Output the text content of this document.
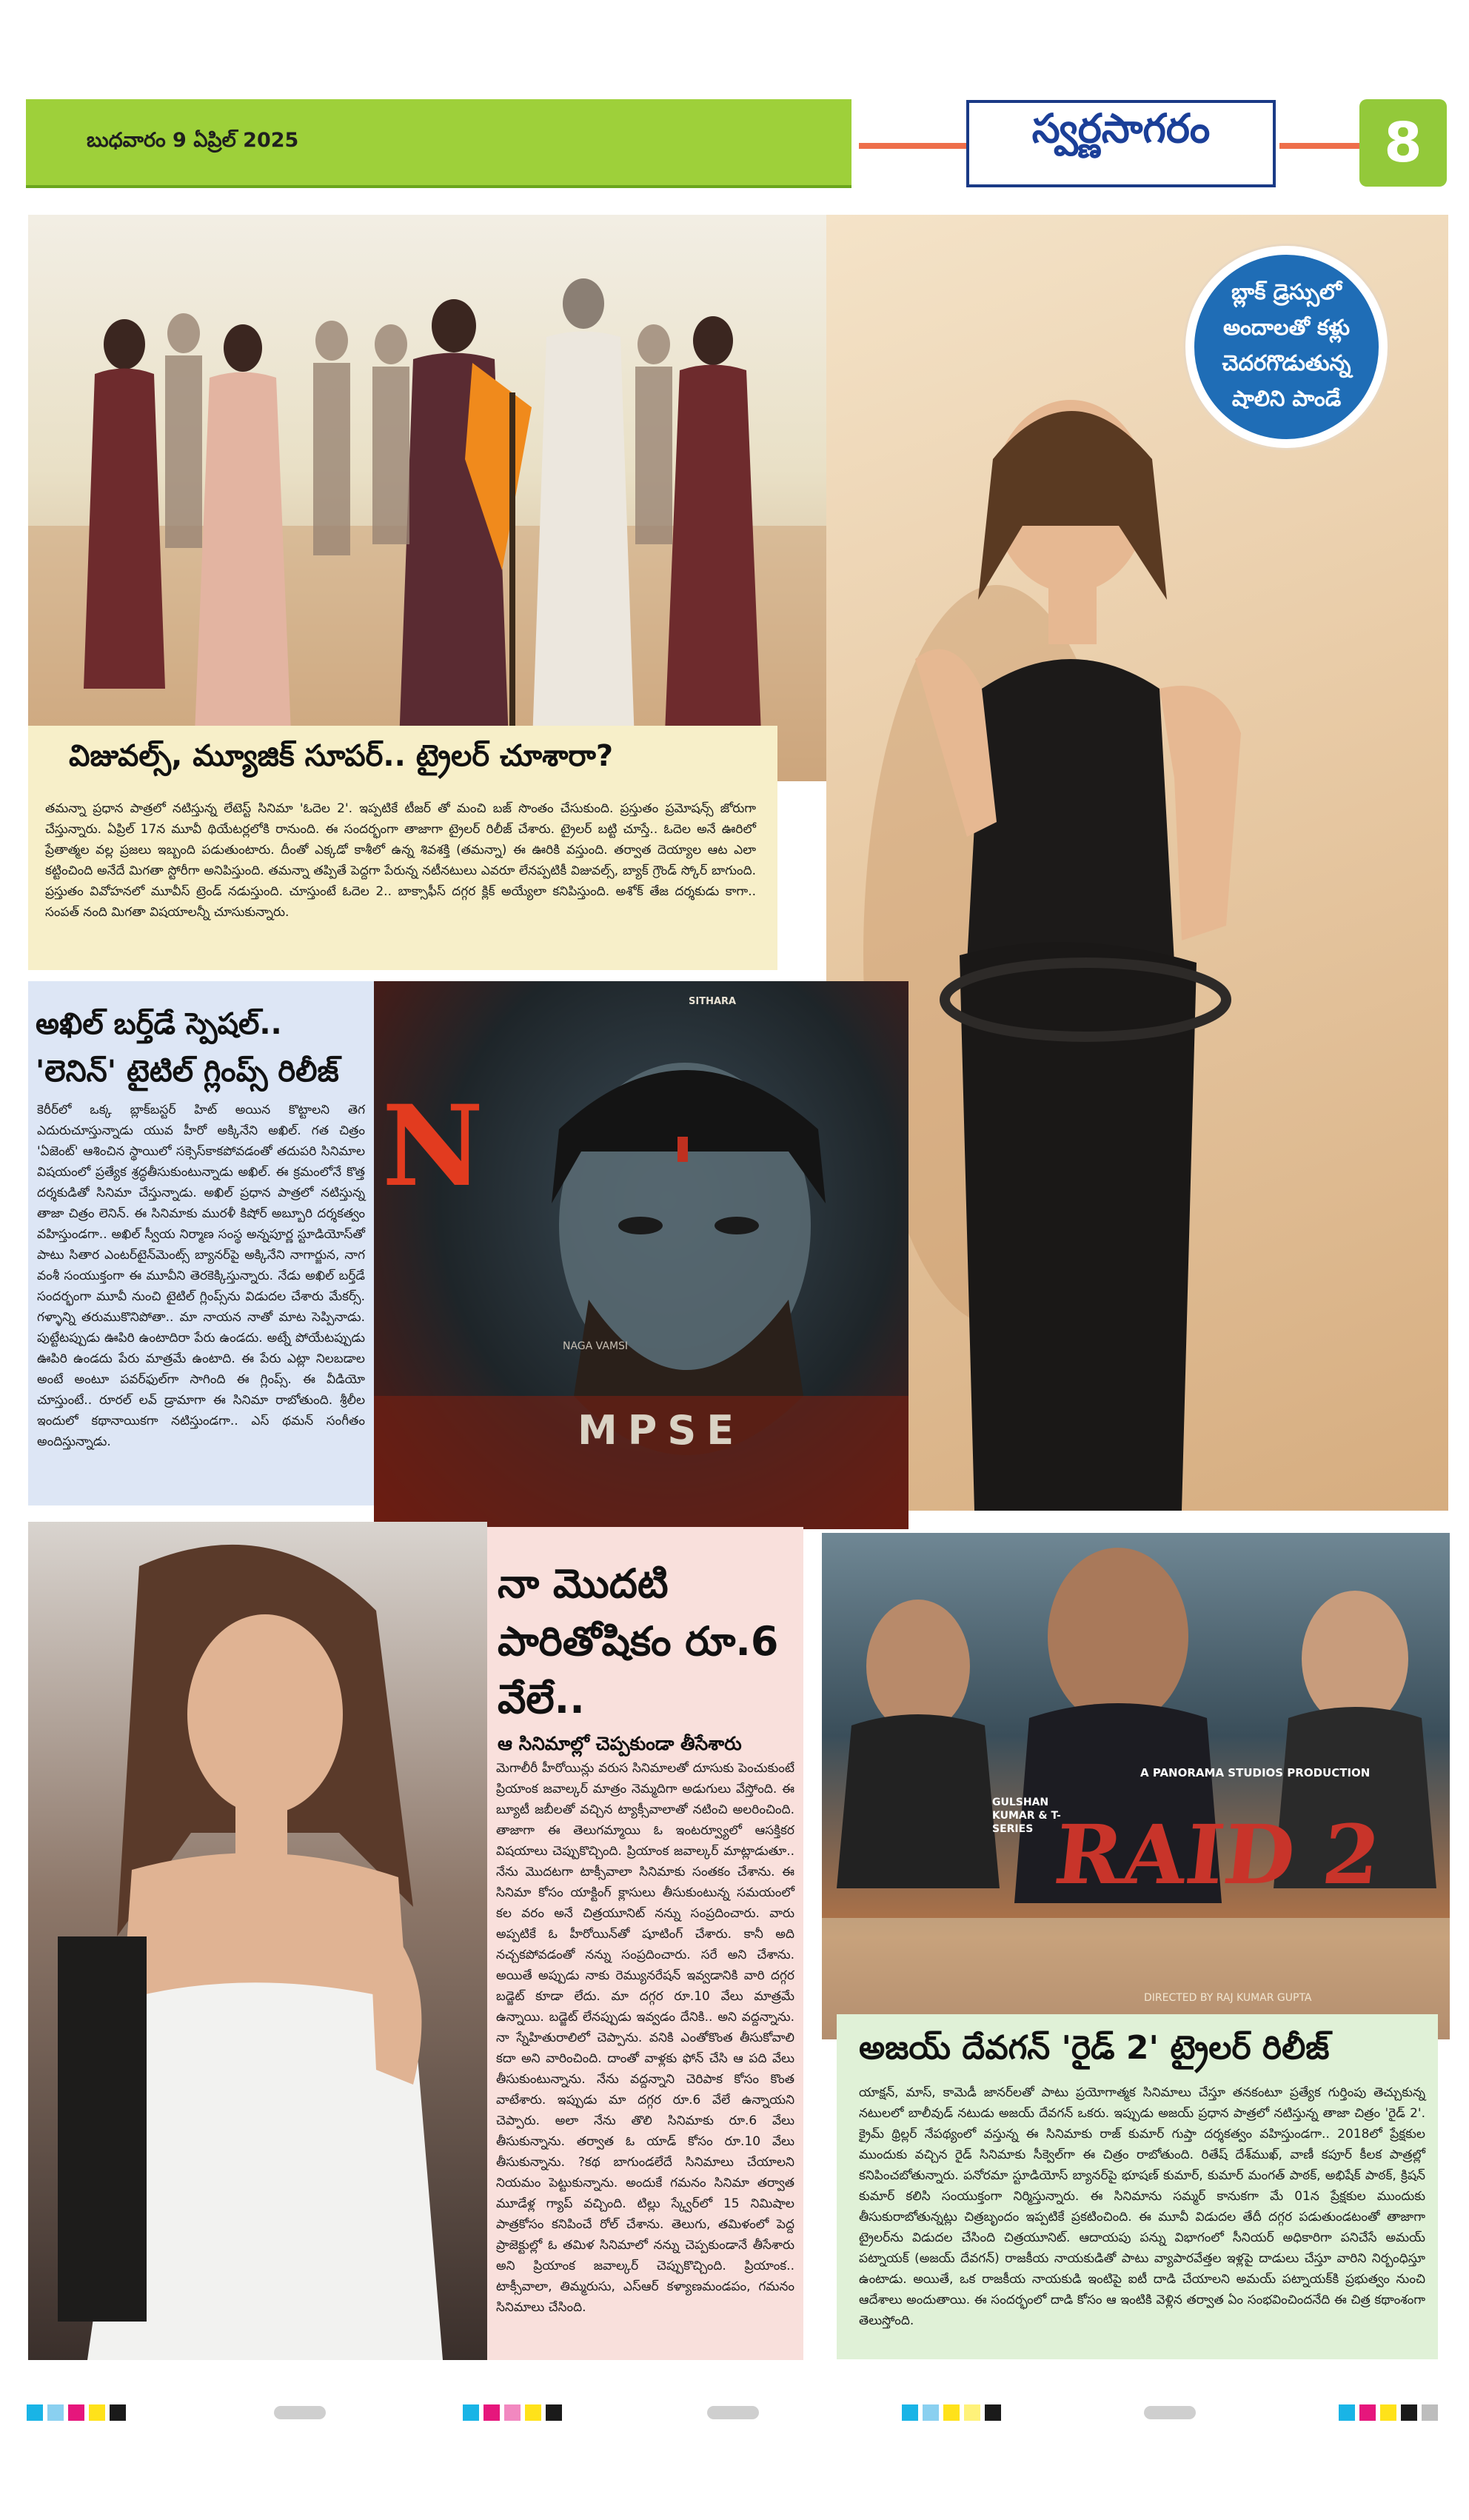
బుధవారం 9 ఏప్రిల్ 2025	స్వర్ణసాగరం	8
బ్లాక్ డ్రెస్సులో
అందాలతో కళ్లు
చెదరగొడుతున్న
షాలిని పాండే
విజువల్స్, మ్యూజిక్ సూపర్.. ట్రైలర్ చూశారా?
తమన్నా ప్రధాన పాత్రలో నటిస్తున్న లేటెస్ట్ సినిమా 'ఓదెల 2'. ఇప్పటికే టీజర్ తో మంచి బజ్ సొంతం చేసుకుంది. ప్రస్తుతం ప్రమోషన్స్ జోరుగా చేస్తున్నారు. ఏప్రిల్ 17న మూవీ థియేటర్లలోకి రానుంది. ఈ సందర్భంగా తాజాగా ట్రైలర్ రిలీజ్ చేశారు. ట్రైలర్ బట్టి చూస్తే.. ఓదెల అనే ఊరిలో ప్రేతాత్మల వల్ల ప్రజలు ఇబ్బంది పడుతుంటారు. దీంతో ఎక్కడో కాశీలో ఉన్న శివశక్తి (తమన్నా) ఈ ఊరికి వస్తుంది. తర్వాత దెయ్యాల ఆట ఎలా కట్టించింది అనేదే మిగతా స్టోరీగా అనిపిస్తుంది. తమన్నా తప్పితే పెద్దగా పేరున్న నటీనటులు ఎవరూ లేనప్పటికీ విజువల్స్, బ్యాక్ గ్రౌండ్ స్కోర్ బాగుంది. ప్రస్తుతం వివోహనలో మూవీస్ ట్రెండ్ నడుస్తుంది. చూస్తుంటే ఓదెల 2.. బాక్సాఫీస్ దగ్గర క్లిక్ అయ్యేలా కనిపిస్తుంది. అశోక్ తేజ దర్శకుడు కాగా.. సంపత్ నంది మిగతా విషయాలన్నీ చూసుకున్నారు.
అఖిల్ బర్త్‌డే స్పెషల్..
'లెనిన్' టైటిల్ గ్లింప్స్ రిలీజ్
కెరీర్‌లో ఒక్క బ్లాక్‌బస్టర్ హిట్ అయిన కొట్టాలని తెగ ఎదురుచూస్తున్నాడు యువ హీరో అక్కినేని అఖిల్. గత చిత్రం 'ఏజెంట్' ఆశించిన స్థాయిలో సక్సెస్‌కాకపోవడంతో తదుపరి సినిమాల విషయంలో ప్రత్యేక శ్రద్ధతీసుకుంటున్నాడు అఖిల్. ఈ క్రమంలోనే కొత్త దర్శకుడితో సినిమా చేస్తున్నాడు. అఖిల్ ప్రధాన పాత్రలో నటిస్తున్న తాజా చిత్రం లెనిన్. ఈ సినిమాకు మురళీ కిషోర్ అబ్బూరి దర్శకత్వం వహిస్తుండగా.. అఖిల్ స్వీయ నిర్మాణ సంస్థ అన్నపూర్ణ స్టూడియోస్‌తో పాటు సితార ఎంటర్‌టైన్‌మెంట్స్ బ్యానర్‌పై అక్కినేని నాగార్జున, నాగ వంశీ సంయుక్తంగా ఈ మూవీని తెరకెక్కిస్తున్నారు. నేడు అఖిల్ బర్త్‌డే సందర్భంగా మూవీ నుంచి టైటిల్ గ్లింప్స్‌ను విడుదల చేశారు మేకర్స్. గళ్ళాన్ని తరుముకొనిపోతా.. మా నాయన నాతో మాట సెప్పినాడు. పుట్టేటప్పుడు ఊపిరి ఉంటాదిరా పేరు ఉండదు. అట్నే పోయేటప్పుడు ఊపిరి ఉండదు పేరు మాత్రమే ఉంటాది. ఈ పేరు ఎట్లా నిలబడాల అంటే అంటూ పవర్‌ఫుల్‌గా సాగింది ఈ గ్లింప్స్. ఈ వీడియో చూస్తుంటే.. రూరల్ లవ్ డ్రామాగా ఈ సినిమా రాబోతుంది. శ్రీలీల ఇందులో కథానాయికగా నటిస్తుండగా.. ఎస్ థమన్ సంగీతం అందిస్తున్నాడు.
SITHARA
N
NAGA VAMSI
MPSE
నా మొదటి పారితోషికం రూ.6 వేలే..
ఆ సినిమాల్లో చెప్పకుండా తీసేశారు
మెగాలీరీ హీరోయిన్లు వరుస సినిమాలతో దూసుకు పెంచుకుంటే ప్రియాంక జవాల్కర్ మాత్రం నెమ్మదిగా అడుగులు వేస్తోంది. ఈ బ్యూటీ జబీలతో వచ్చిన ట్యాక్సీవాలాతో నటించి అలరించింది. తాజాగా ఈ తెలుగమ్మాయి ఓ ఇంటర్వ్యూలో ఆసక్తికర విషయాలు చెప్పుకొచ్చింది. ప్రియాంక జవాల్కర్ మాట్లాడుతూ.. నేను మొదటగా టాక్సీవాలా సినిమాకు సంతకం చేశాను. ఈ సినిమా కోసం యాక్టింగ్ క్లాసులు తీసుకుంటున్న సమయంలో కల వరం అనే చిత్రయూనిట్ నన్ను సంప్రదించారు. వారు అప్పటికే ఓ హీరోయిన్‌తో షూటింగ్ చేశారు. కానీ అది నచ్చకపోవడంతో నన్ను సంప్రదించారు. సరే అని చేశాను. అయితే అప్పుడు నాకు రెమ్యునరేషన్ ఇవ్వడానికి వారి దగ్గర బడ్జెట్ కూడా లేదు. మా దగ్గర రూ.10 వేలు మాత్రమే ఉన్నాయి. బడ్జెట్ లేనప్పుడు ఇవ్వడం దేనికి.. అని వద్దన్నాను. నా స్నేహితురాలిలో చెప్పాను. వనికి ఎంతోకొంత తీసుకోవాలి కదా అని వారించింది. దాంతో వాళ్లకు ఫోన్ చేసి ఆ పది వేలు తీసుకుంటున్నాను. నేను వద్దన్నాని చెరిపాక కోసం కొంత వాటేశారు. ఇప్పుడు మా దగ్గర రూ.6 వేలే ఉన్నాయని చెప్పారు. అలా నేను తొలి సినిమాకు రూ.6 వేలు తీసుకున్నాను. తర్వాత ఓ యాడ్ కోసం రూ.10 వేలు తీసుకున్నాను. ?కథ బాగుండలేదే సినిమాలు చేయాలని నియమం పెట్టుకున్నాను. అందుకే గమనం సినిమా తర్వాత మూడేళ్ల గ్యాప్ వచ్చింది. టిల్లు స్క్వేర్‌లో 15 నిమిషాల పాత్రకోసం కనిపించే రోల్ చేశాను. తెలుగు, తమిళంలో పెద్ద ప్రాజెక్టుల్లో ఓ తమిళ సినిమాలో నన్ను చెప్పకుండానే తీసేశారు అని ప్రియాంక జవాల్కర్ చెప్పుకొచ్చింది. ప్రియాంక.. టాక్సీవాలా, తిమ్మరుసు, ఎస్‌ఆర్ కళ్యాణమండపం, గమనం సినిమాలు చేసింది.
GULSHAN KUMAR & T-SERIES
A PANORAMA STUDIOS PRODUCTION
RAID 2
DIRECTED BY RAJ KUMAR GUPTA
అజయ్ దేవగన్ 'రైడ్ 2' ట్రైలర్ రిలీజ్
యాక్షన్, మాస్, కామెడీ జానర్‌లతో పాటు ప్రయోగాత్మక సినిమాలు చేస్తూ తనకంటూ ప్రత్యేక గుర్తింపు తెచ్చుకున్న నటులలో బాలీవుడ్ నటుడు అజయ్ దేవగన్ ఒకరు. ఇప్పుడు అజయ్ ప్రధాన పాత్రలో నటిస్తున్న తాజా చిత్రం 'రైడ్ 2'. క్రైమ్ థ్రిల్లర్ నేపథ్యంలో వస్తున్న ఈ సినిమాకు రాజ్ కుమార్ గుప్తా దర్శకత్వం వహిస్తుండగా.. 2018లో ప్రేక్షకుల ముందుకు వచ్చిన రైడ్ సినిమాకు సీక్వెల్‌గా ఈ చిత్రం రాబోతుంది. రితేష్ దేశ్‌ముఖ్, వాణీ కపూర్ కీలక పాత్రల్లో కనిపించబోతున్నారు. పనోరమా స్టూడియోస్ బ్యానర్‌పై భూషణ్ కుమార్, కుమార్ మంగత్ పాఠక్, అభిషేక్ పాఠక్, క్రిషన్ కుమార్ కలిసి సంయుక్తంగా నిర్మిస్తున్నారు. ఈ సినిమాను సమ్మర్ కానుకగా మే 01న ప్రేక్షకుల ముందుకు తీసుకురాబోతున్నట్లు చిత్రబృందం ఇప్పటికే ప్రకటించింది. ఈ మూవీ విడుదల తేదీ దగ్గర పడుతుండటంతో తాజాగా ట్రైలర్‌ను విడుదల చేసింది చిత్రయూనిట్. ఆదాయపు పన్ను విభాగంలో సీనియర్ అధికారిగా పనిచేసే అమయ్ పట్నాయక్ (అజయ్ దేవగన్) రాజకీయ నాయకుడితో పాటు వ్యాపారవేత్తల ఇళ్లపై దాడులు చేస్తూ వారిని నిర్బంధిస్తూ ఉంటాడు. అయితే, ఒక రాజకీయ నాయకుడి ఇంటిపై ఐటీ దాడి చేయాలని అమయ్ పట్నాయక్‌కి ప్రభుత్వం నుంచి ఆదేశాలు అందుతాయి. ఈ సందర్భంలో దాడి కోసం ఆ ఇంటికి వెళ్లిన తర్వాత ఏం సంభవించిందనేది ఈ చిత్ర కథాంశంగా తెలుస్తోంది.
